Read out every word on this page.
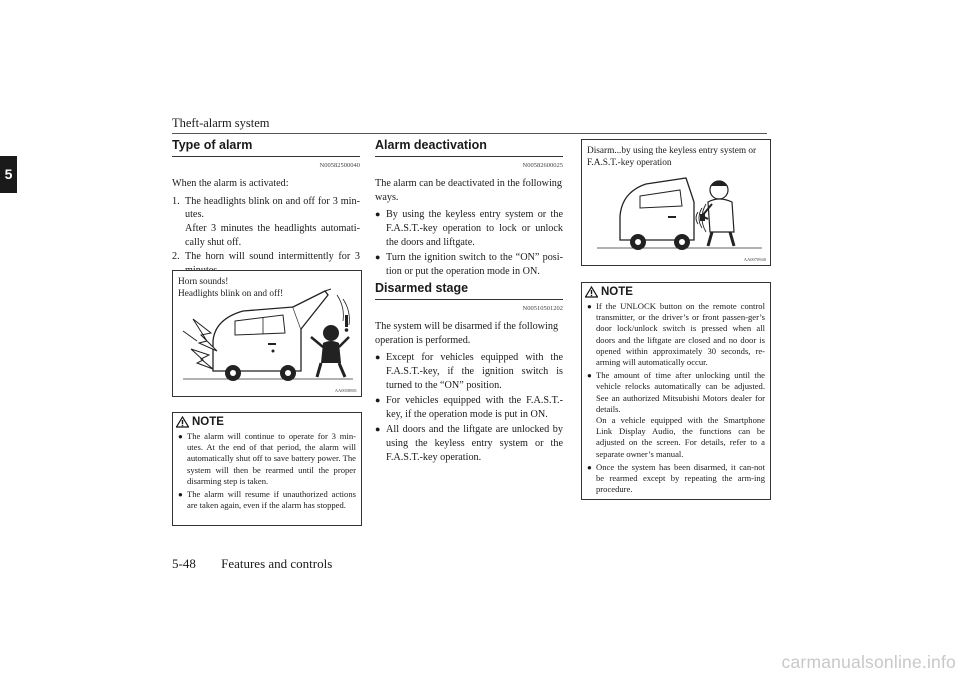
Theft-alarm system
5
Type of alarm
N00582500040

When the alarm is activated:

1. The headlights blink on and off for 3 min-utes.
After 3 minutes the headlights automati-cally shut off.
2. The horn will sound intermittently for 3
Horn sounds!
Headlights blink on and off!
AA0058881
NOTE
● The alarm will continue to operate for 3 min-utes. At the end of that period, the alarm will automatically shut off to save battery power. The system will then be rearmed until the proper disarming step is taken.
● The alarm will resume if unauthorized actions are taken again, even if the alarm has stopped.
Alarm deactivation
N00582600025

The alarm can be deactivated in the following ways.

● By using the keyless entry system or the F.A.S.T.-key operation to lock or unlock the doors and liftgate.
● Turn the ignition switch to the “ON” posi-tion or put the operation mode in ON.
Disarmed stage
N00510501202

The system will be disarmed if the following operation is performed.

● Except for vehicles equipped with the F.A.S.T.-key, if the ignition switch is turned to the “ON” position.
● For vehicles equipped with the F.A.S.T.-key, if the operation mode is put in ON.
● All doors and the liftgate are unlocked by using the keyless entry system or the F.A.S.T.-key operation.
Disarm...by using the keyless entry system or F.A.S.T.-key operation
AA0070940
NOTE
● If the UNLOCK button on the remote control transmitter, or the driver’s or front passen-ger’s door lock/unlock switch is pressed when all doors and the liftgate are closed and no door is opened within approximately 30 seconds, re-arming will automatically occur.
● The amount of time after unlocking until the vehicle relocks automatically can be adjusted. See an authorized Mitsubishi Motors dealer for details.
On a vehicle equipped with the Smartphone Link Display Audio, the functions can be adjusted on the screen. For details, refer to a separate owner’s manual.
● Once the system has been disarmed, it can-not be rearmed except by repeating the arm-ing procedure.
5-48 Features and controls
carmanualsonline.info
